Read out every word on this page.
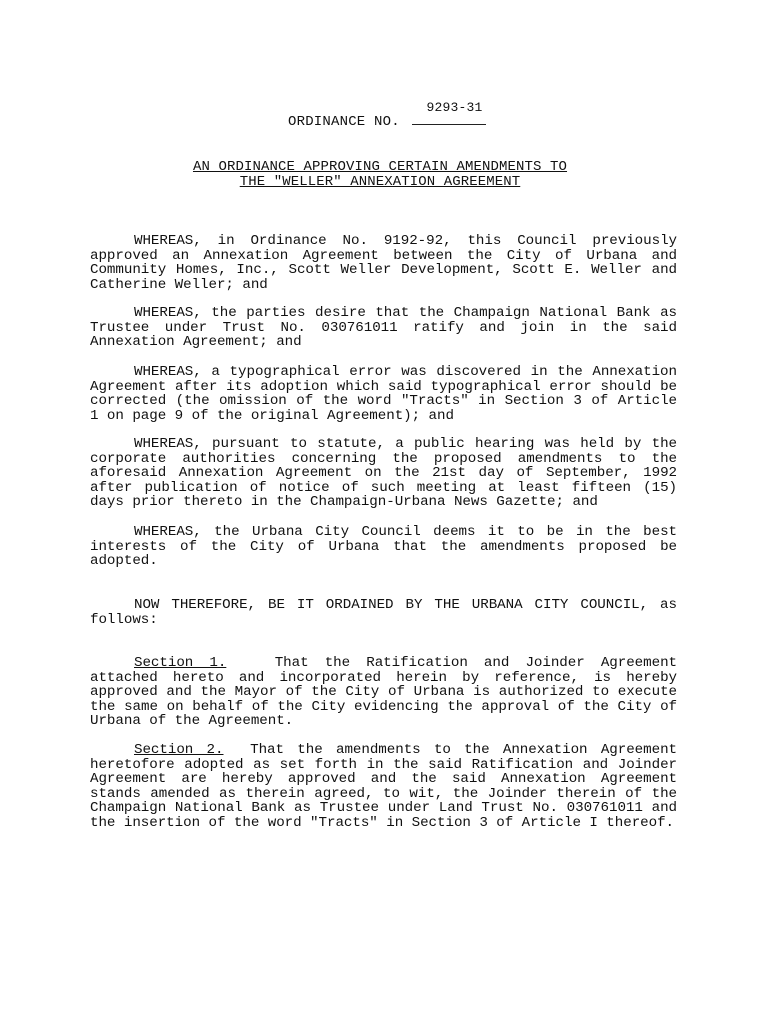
ORDINANCE NO.
9293-31
AN ORDINANCE APPROVING CERTAIN AMENDMENTS TO
THE "WELLER" ANNEXATION AGREEMENT
WHEREAS, in Ordinance No. 9192-92, this Council previously approved an Annexation Agreement between the City of Urbana and Community Homes, Inc., Scott Weller Development, Scott E. Weller and Catherine Weller; and
WHEREAS, the parties desire that the Champaign National Bank as Trustee under Trust No. 030761011 ratify and join in the said Annexation Agreement; and
WHEREAS, a typographical error was discovered in the Annexation Agreement after its adoption which said typographical error should be corrected (the omission of the word "Tracts" in Section 3 of Article 1 on page 9 of the original Agreement); and
WHEREAS, pursuant to statute, a public hearing was held by the corporate authorities concerning the proposed amendments to the aforesaid Annexation Agreement on the 21st day of September, 1992 after publication of notice of such meeting at least fifteen (15) days prior thereto in the Champaign-Urbana News Gazette; and
WHEREAS, the Urbana City Council deems it to be in the best interests of the City of Urbana that the amendments proposed be adopted.
NOW THEREFORE, BE IT ORDAINED BY THE URBANA CITY COUNCIL, as follows:
Section 1.	That the Ratification and Joinder Agreement attached hereto and incorporated herein by reference, is hereby approved and the Mayor of the City of Urbana is authorized to execute the same on behalf of the City evidencing the approval of the City of Urbana of the Agreement.
Section 2. That the amendments to the Annexation Agreement heretofore adopted as set forth in the said Ratification and Joinder Agreement are hereby approved and the said Annexation Agreement stands amended as therein agreed, to wit, the Joinder therein of the Champaign National Bank as Trustee under Land Trust No. 030761011 and the insertion of the word "Tracts" in Section 3 of Article I thereof.
